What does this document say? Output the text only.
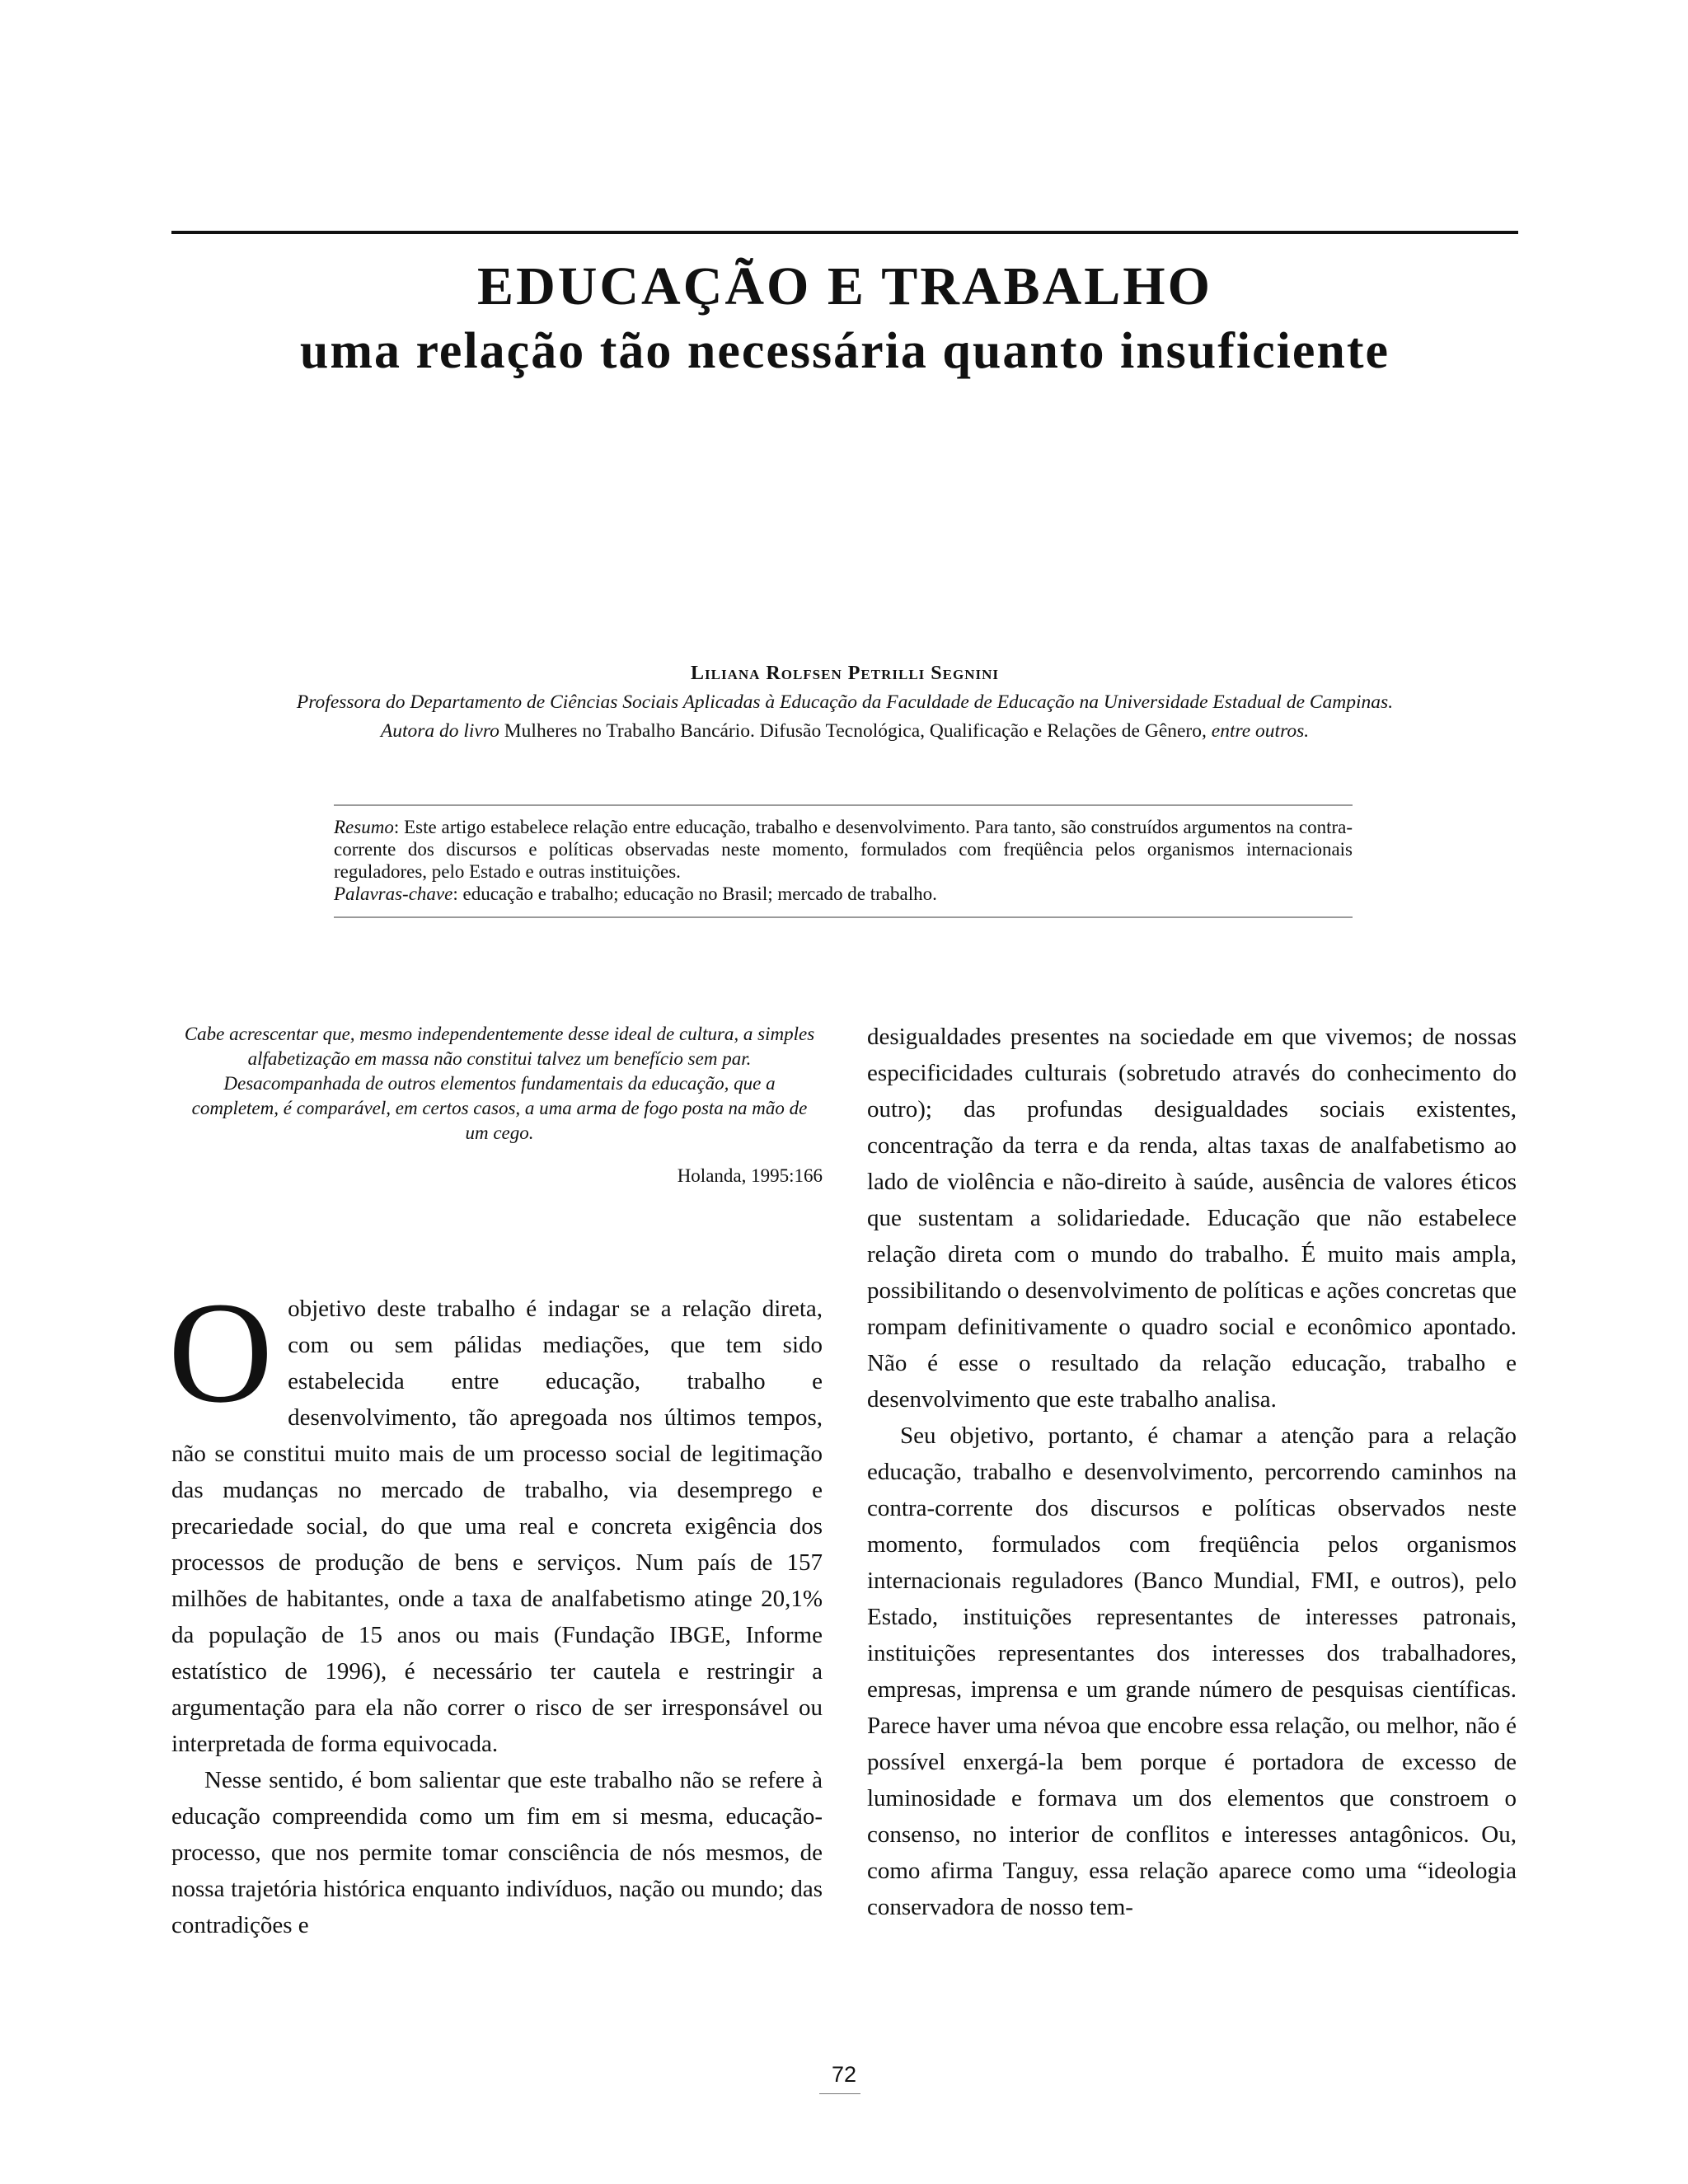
EDUCAÇÃO E TRABALHO
uma relação tão necessária quanto insuficiente
Liliana Rolfsen Petrilli Segnini
Professora do Departamento de Ciências Sociais Aplicadas à Educação da Faculdade de Educação na Universidade Estadual de Campinas.
Autora do livro Mulheres no Trabalho Bancário. Difusão Tecnológica, Qualificação e Relações de Gênero, entre outros.

Resumo: Este artigo estabelece relação entre educação, trabalho e desenvolvimento. Para tanto, são construídos argumentos na contra-corrente dos discursos e políticas observadas neste momento, formulados com freqüência pelos organismos internacionais reguladores, pelo Estado e outras instituições.

Palavras-chave: educação e trabalho; educação no Brasil; mercado de trabalho.

Cabe acrescentar que, mesmo independentemente desse ideal de cultura, a simples alfabetização em massa não constitui talvez um benefício sem par. Desacompanhada de outros elementos fundamentais da educação, que a completem, é comparável, em certos casos, a uma arma de fogo posta na mão de um cego.
Holanda, 1995:166

Oobjetivo deste trabalho é indagar se a relação direta, com ou sem pálidas mediações, que tem sido estabelecida entre educação, trabalho e desenvolvimento, tão apregoada nos últimos tempos, não se constitui muito mais de um processo social de legitimação das mudanças no mercado de trabalho, via desemprego e precariedade social, do que uma real e concreta exigência dos processos de produção de bens e serviços. Num país de 157 milhões de habitantes, onde a taxa de analfabetismo atinge 20,1% da população de 15 anos ou mais (Fundação IBGE, Informe estatístico de 1996), é necessário ter cautela e restringir a argumentação para ela não correr o risco de ser irresponsável ou interpretada de forma equivocada.

Nesse sentido, é bom salientar que este trabalho não se refere à educação compreendida como um fim em si mesma, educação-processo, que nos permite tomar consciência de nós mesmos, de nossa trajetória histórica enquanto indivíduos, nação ou mundo; das contradições e

desigualdades presentes na sociedade em que vivemos; de nossas especificidades culturais (sobretudo através do conhecimento do outro); das profundas desigualdades sociais existentes, concentração da terra e da renda, altas taxas de analfabetismo ao lado de violência e não-direito à saúde, ausência de valores éticos que sustentam a solidariedade. Educação que não estabelece relação direta com o mundo do trabalho. É muito mais ampla, possibilitando o desenvolvimento de políticas e ações concretas que rompam definitivamente o quadro social e econômico apontado. Não é esse o resultado da relação educação, trabalho e desenvolvimento que este trabalho analisa.

Seu objetivo, portanto, é chamar a atenção para a relação educação, trabalho e desenvolvimento, percorrendo caminhos na contra-corrente dos discursos e políticas observados neste momento, formulados com freqüência pelos organismos internacionais reguladores (Banco Mundial, FMI, e outros), pelo Estado, instituições representantes de interesses patronais, instituições representantes dos interesses dos trabalhadores, empresas, imprensa e um grande número de pesquisas científicas. Parece haver uma névoa que encobre essa relação, ou melhor, não é possível enxergá-la bem porque é portadora de excesso de luminosidade e formava um dos elementos que constroem o consenso, no interior de conflitos e interesses antagônicos. Ou, como afirma Tanguy, essa relação aparece como uma “ideologia conservadora de nosso tem-

72
